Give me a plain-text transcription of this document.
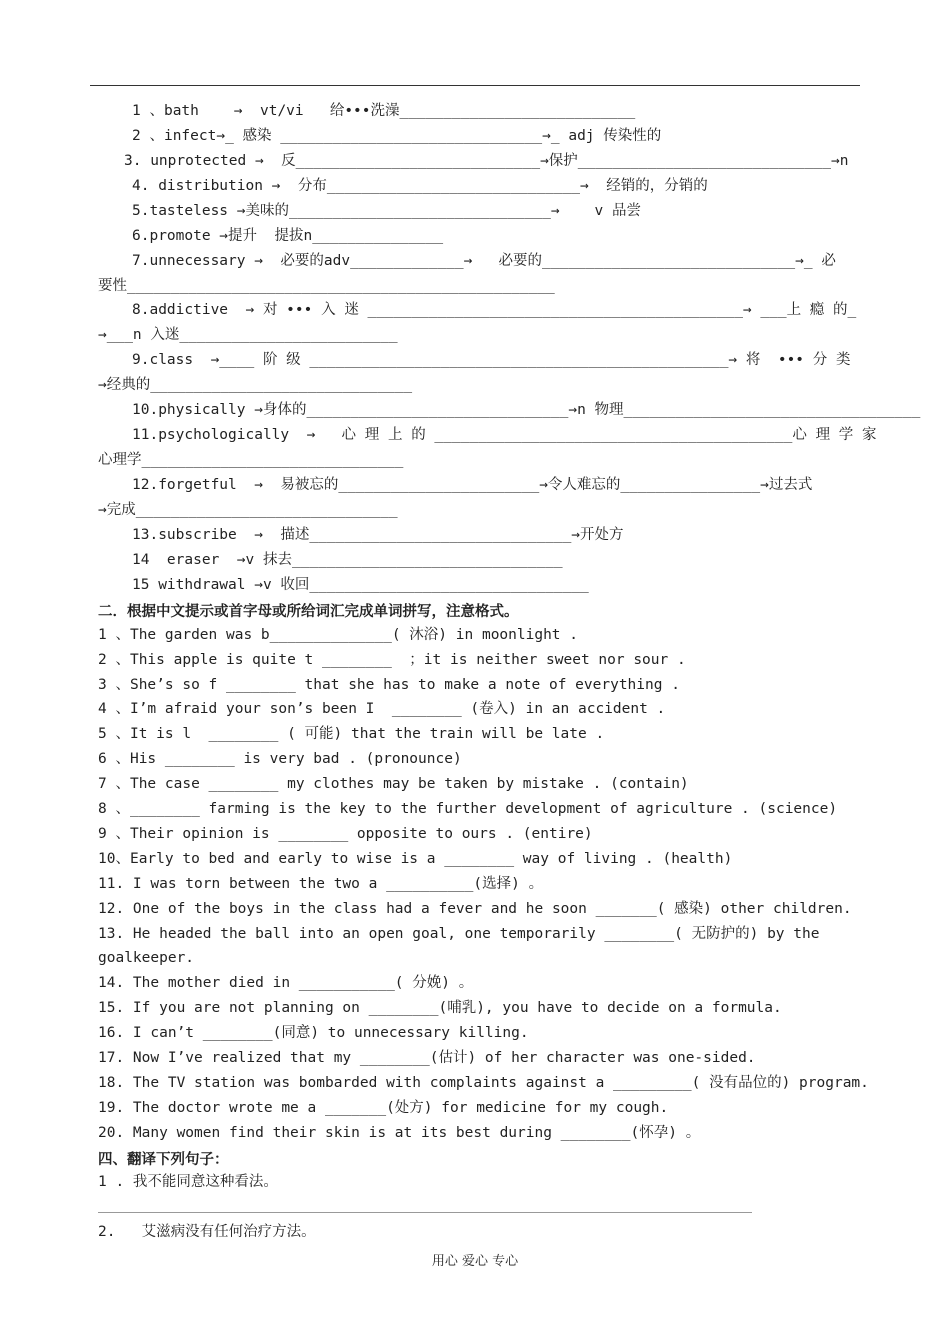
1 、bath    →  vt/vi   给•••洗澡___________________________
2 、infect→_ 感染 ______________________________→_ adj 传染性的
3. unprotected →  反____________________________→保护_____________________________→n
4. distribution →  分布_____________________________→  经销的，分销的
5.tasteless →美味的______________________________→    v 品尝
6.promote →提升  提拔n_______________
7.unnecessary →  必要的adv_____________→   必要的_____________________________→_ 必
要性_________________________________________________
8.addictive  → 对 ••• 入 迷 ___________________________________________→ ___上 瘾 的_
→___n 入迷_________________________
9.class  →____ 阶 级 ________________________________________________→ 将  ••• 分 类
→经典的______________________________
10.physically →身体的______________________________→n 物理__________________________________
11.psychologically  →   心 理 上 的 _________________________________________心 理 学 家
心理学______________________________
12.forgetful  →  易被忘的_______________________→令人难忘的________________→过去式
→完成______________________________
13.subscribe  →  描述______________________________→开处方
14  eraser  →v 抹去_______________________________
15 withdrawal →v 收回________________________________
二．根据中文提示或首字母或所给词汇完成单词拼写，注意格式。
1 、The garden was b______________( 沐浴) in moonlight .
2 、This apple is quite t ________  ；it is neither sweet nor sour .
3 、She’s so f ________ that she has to make a note of everything .
4 、I’m afraid your son’s been I  ________ (卷入) in an accident .
5 、It is l  ________ ( 可能) that the train will be late .
6 、His ________ is very bad . (pronounce)
7 、The case ________ my clothes may be taken by mistake . (contain)
8 、________ farming is the key to the further development of agriculture . (science)
9 、Their opinion is ________ opposite to ours . (entire)
10、Early to bed and early to wise is a ________ way of living . (health)
11. I was torn between the two a __________(选择) 。
12. One of the boys in the class had a fever and he soon _______( 感染) other children.
13. He headed the ball into an open goal, one temporarily ________( 无防护的) by the
goalkeeper.
14. The mother died in ___________( 分娩) 。
15. If you are not planning on ________(哺乳), you have to decide on a formula.
16. I can’t ________(同意) to unnecessary killing.
17. Now I’ve realized that my ________(估计) of her character was one-sided.
18. The TV station was bombarded with complaints against a _________( 没有品位的) program.
19. The doctor wrote me a _______(处方) for medicine for my cough.
20. Many women find their skin is at its best during ________(怀孕) 。
四、翻译下列句子：
1 . 我不能同意这种看法。
2.   艾滋病没有任何治疗方法。
用心 爱心 专心
